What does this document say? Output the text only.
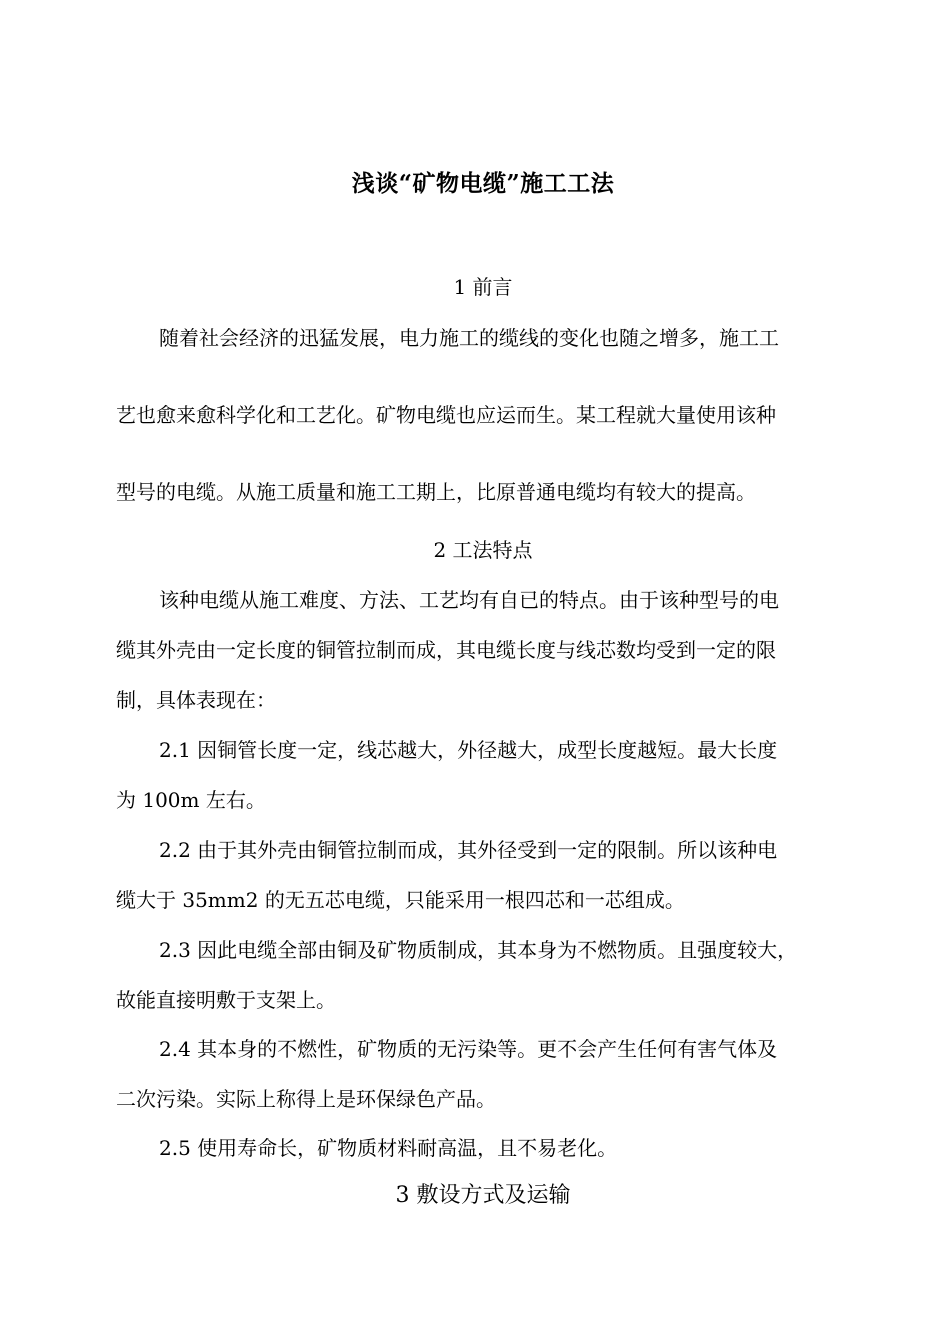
浅谈“矿物电缆”施工工法
1 前言
随着社会经济的迅猛发展，电力施工的缆线的变化也随之增多，施工工
艺也愈来愈科学化和工艺化。矿物电缆也应运而生。某工程就大量使用该种
型号的电缆。从施工质量和施工工期上，比原普通电缆均有较大的提高。
2 工法特点
该种电缆从施工难度、方法、工艺均有自已的特点。由于该种型号的电
缆其外壳由一定长度的铜管拉制而成，其电缆长度与线芯数均受到一定的限
制，具体表现在：
2.1 因铜管长度一定，线芯越大，外径越大，成型长度越短。最大长度
为 100m 左右。
2.2 由于其外壳由铜管拉制而成，其外径受到一定的限制。所以该种电
缆大于 35mm2 的无五芯电缆，只能采用一根四芯和一芯组成。
2.3 因此电缆全部由铜及矿物质制成，其本身为不燃物质。且强度较大，
故能直接明敷于支架上。
2.4 其本身的不燃性，矿物质的无污染等。更不会产生任何有害气体及
二次污染。实际上称得上是环保绿色产品。
2.5 使用寿命长，矿物质材料耐高温，且不易老化。
3 敷设方式及运输
